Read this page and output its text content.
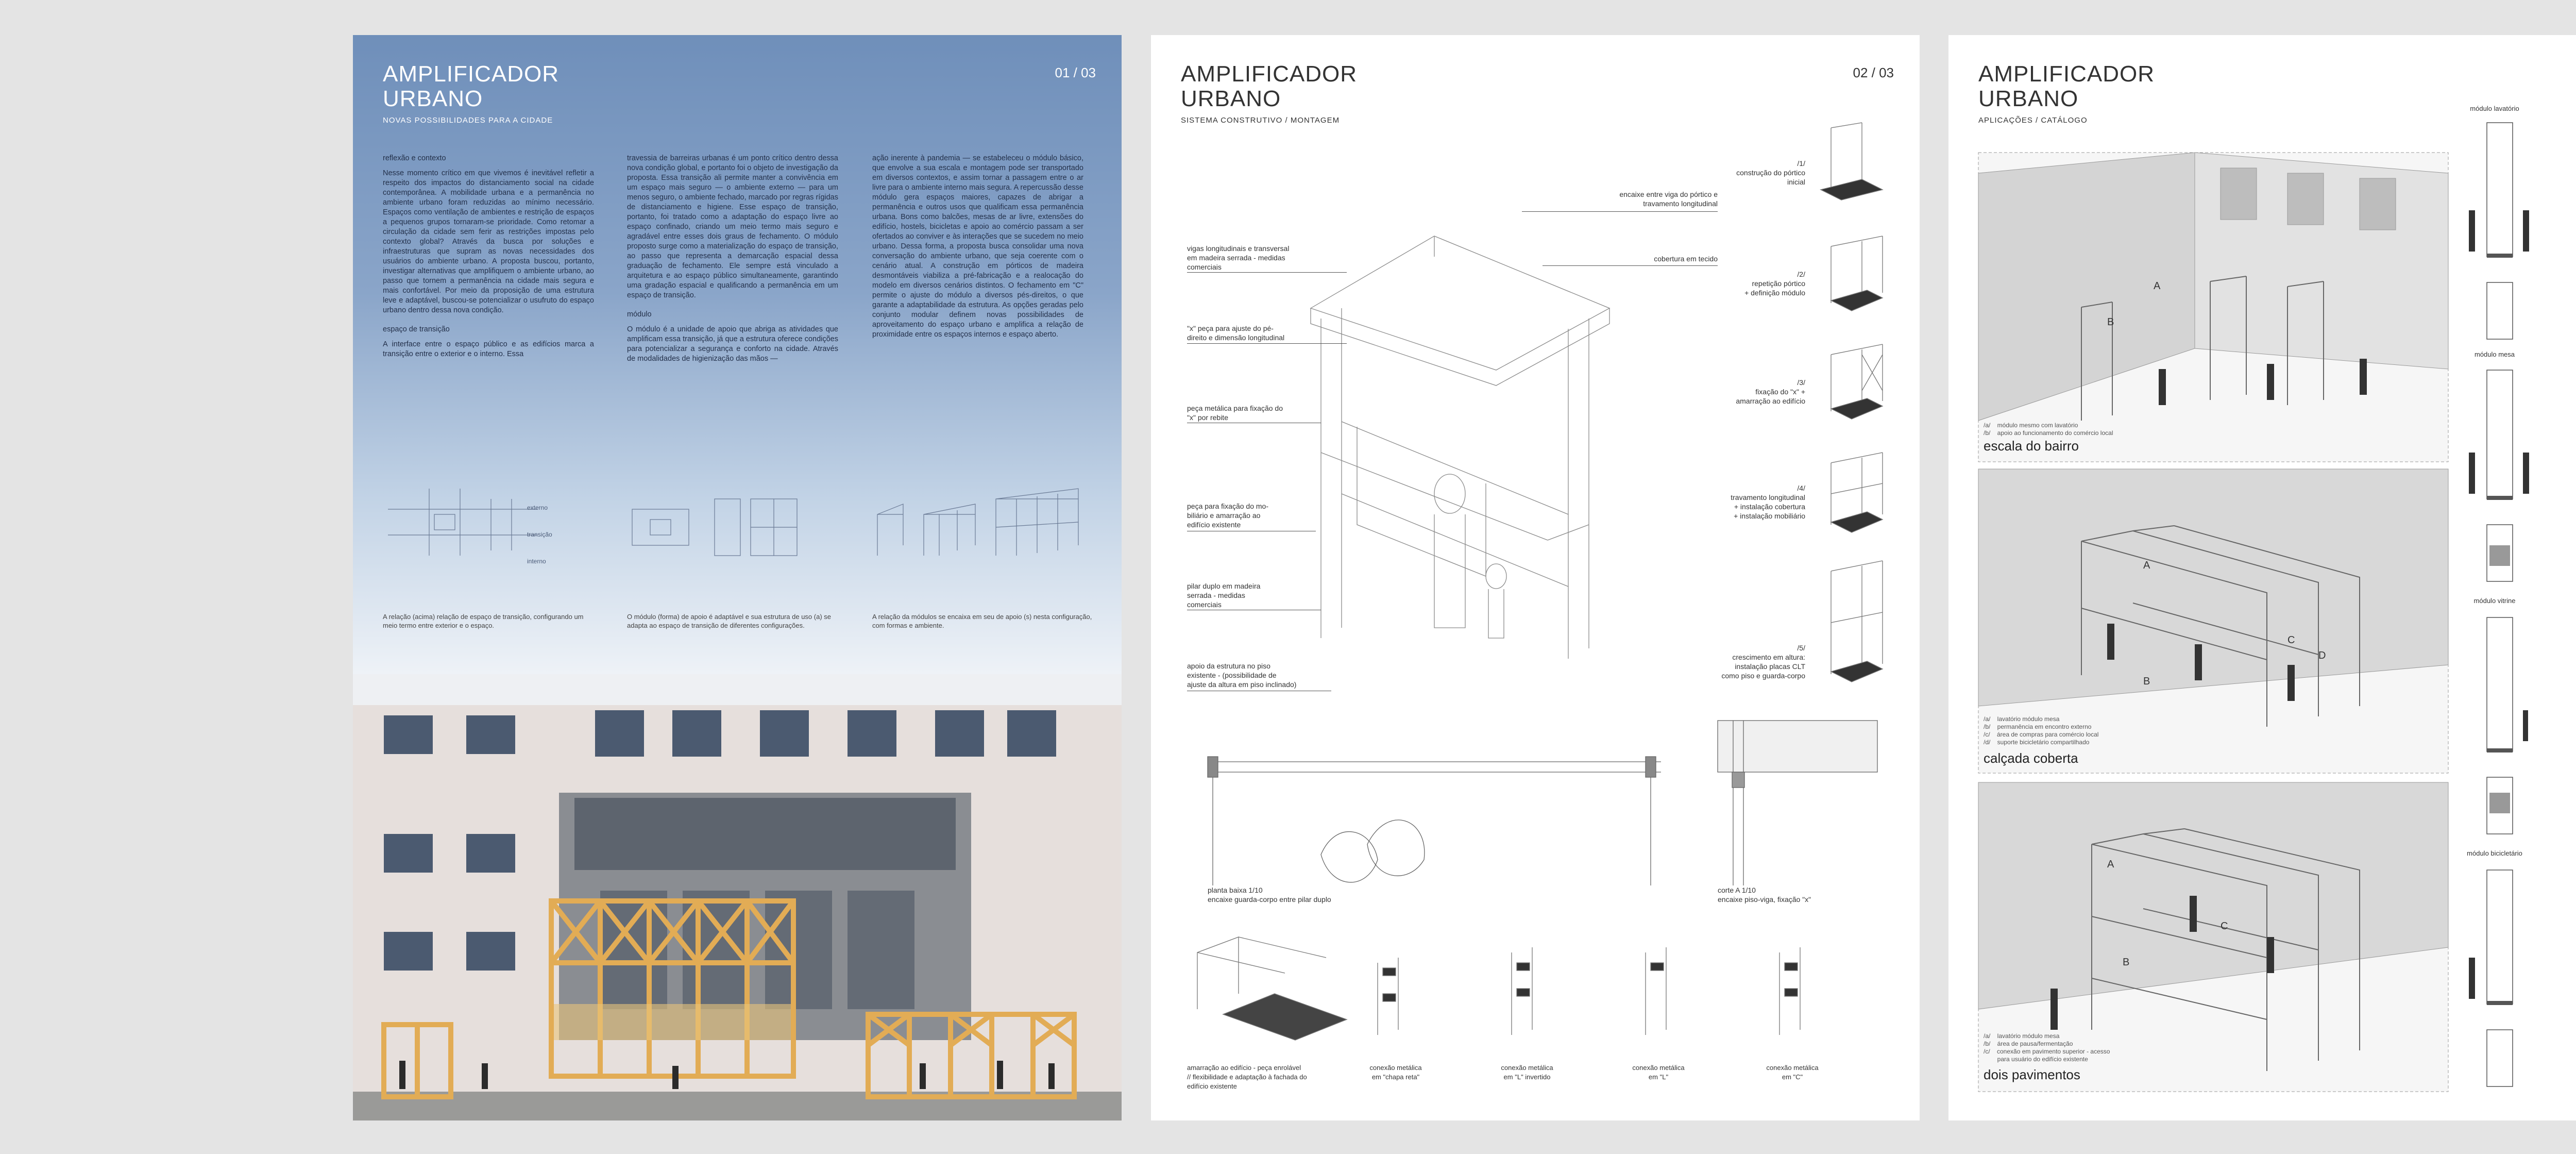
AMPLIFICADOR
URBANO
NOVAS POSSIBILIDADES PARA A CIDADE
01 / 03
reflexão e contexto

Nesse momento crítico em que vivemos é inevitável refletir a respeito dos impactos do distanciamento social na cidade contemporânea. A mobilidade urbana e a permanência no ambiente urbano foram reduzidas ao mínimo necessário. Espaços como ventilação de ambientes e restrição de espaços a pequenos grupos tornaram-se prioridade. Como retomar a circulação da cidade sem ferir as restrições impostas pelo contexto global? Através da busca por soluções e infraestruturas que supram as novas necessidades dos usuários do ambiente urbano. A proposta buscou, portanto, investigar alternativas que amplifiquem o ambiente urbano, ao passo que tornem a permanência na cidade mais segura e mais confortável. Por meio da proposição de uma estrutura leve e adaptável, buscou-se potencializar o usufruto do espaço urbano dentro dessa nova condição.

espaço de transição

A interface entre o espaço público e as edifícios marca a transição entre o exterior e o interno. Essa

travessia de barreiras urbanas é um ponto crítico dentro dessa nova condição global, e portanto foi o objeto de investigação da proposta. Essa transição ali permite manter a convivência em um espaço mais seguro — o ambiente externo — para um menos seguro, o ambiente fechado, marcado por regras rígidas de distanciamento e higiene. Esse espaço de transição, portanto, foi tratado como a adaptação do espaço livre ao espaço confinado, criando um meio termo mais seguro e agradável entre esses dois graus de fechamento. O módulo proposto surge como a materialização do espaço de transição, ao passo que representa a demarcação espacial dessa graduação de fechamento. Ele sempre está vinculado a arquitetura e ao espaço público simultaneamente, garantindo uma gradação espacial e qualificando a permanência em um espaço de transição.

módulo

O módulo é a unidade de apoio que abriga as atividades que amplificam essa transição, já que a estrutura oferece condições para potencializar a segurança e conforto na cidade. Através de modalidades de higienização das mãos —

ação inerente à pandemia — se estabeleceu o módulo básico, que envolve a sua escala e montagem pode ser transportado em diversos contextos, e assim tornar a passagem entre o ar livre para o ambiente interno mais segura. A repercussão desse módulo gera espaços maiores, capazes de abrigar a permanência e outros usos que qualificam essa permanência urbana. Bons como balcões, mesas de ar livre, extensões do edifício, hostels, bicicletas e apoio ao comércio passam a ser ofertados ao conviver e às interações que se sucedem no meio urbano. Dessa forma, a proposta busca consolidar uma nova conversação do ambiente urbano, que seja coerente com o cenário atual. A construção em pórticos de madeira desmontáveis viabiliza a pré-fabricação e a realocação do modelo em diversos cenários distintos. O fechamento em "C" permite o ajuste do módulo a diversos pés-direitos, o que garante a adaptabilidade da estrutura. As opções geradas pelo conjunto modular definem novas possibilidades de aproveitamento do espaço urbano e amplifica a relação de proximidade entre os espaços internos e espaço aberto.

externo
transição
interno
A relação (acima) relação de espaço de transição, configurando um meio termo entre exterior e o espaço.
O módulo (forma) de apoio é adaptável e sua estrutura de uso (a) se adapta ao espaço de transição de diferentes configurações.
A relação da módulos se encaixa em seu de apoio (s) nesta configuração, com formas e ambiente.
AMPLIFICADOR
URBANO
SISTEMA CONSTRUTIVO / MONTAGEM
02 / 03
vigas longitudinais e transversal
em madeira serrada - medidas
comerciais
"x" peça para ajuste do pé-
direito e dimensão longitudinal
peça metálica para fixação do
"x" por rebite
peça para fixação do mo-
biliário e amarração ao
edifício existente
pilar duplo em madeira
serrada - medidas
comerciais
apoio da estrutura no piso
existente - (possibilidade de
ajuste da altura em piso inclinado)
encaixe entre viga do pórtico e
travamento longitudinal
cobertura em tecido
/1/
construção do pórtico
inicial
/2/
repetição pórtico
+ definição módulo
/3/
fixação do "x" +
amarração ao edifício
/4/
travamento longitudinal
+ instalação cobertura
+ instalação mobiliário
/5/
crescimento em altura:
instalação placas CLT
como piso e guarda-corpo
planta baixa 1/10
encaixe guarda-corpo entre pilar duplo
corte A 1/10
encaixe piso-viga, fixação "x"
amarração ao edifício - peça enrolável
// flexibilidade e adaptação à fachada do
edifício existente
conexão metálica
em "chapa reta"
conexão metálica
em "L" invertido
conexão metálica
em "L"
conexão metálica
em "C"
AMPLIFICADOR
URBANO
APLICAÇÕES / CATÁLOGO
/a/    módulo mesmo com lavatório
/b/    apoio ao funcionamento do comércio local
escala do bairro
A
B
/a/    lavatório módulo mesa
/b/    permanência em encontro externo
/c/    área de compras para comércio local
/d/    suporte bicicletário compartilhado
calçada coberta
A
B
C
D
/a/    lavatório módulo mesa
/b/    área de pausa/fermentação
/c/    conexão em pavimento superior - acesso
para usuário do edifício existente
dois pavimentos
A
B
C
módulo lavatório
módulo mesa
módulo vitrine
módulo bicicletário
